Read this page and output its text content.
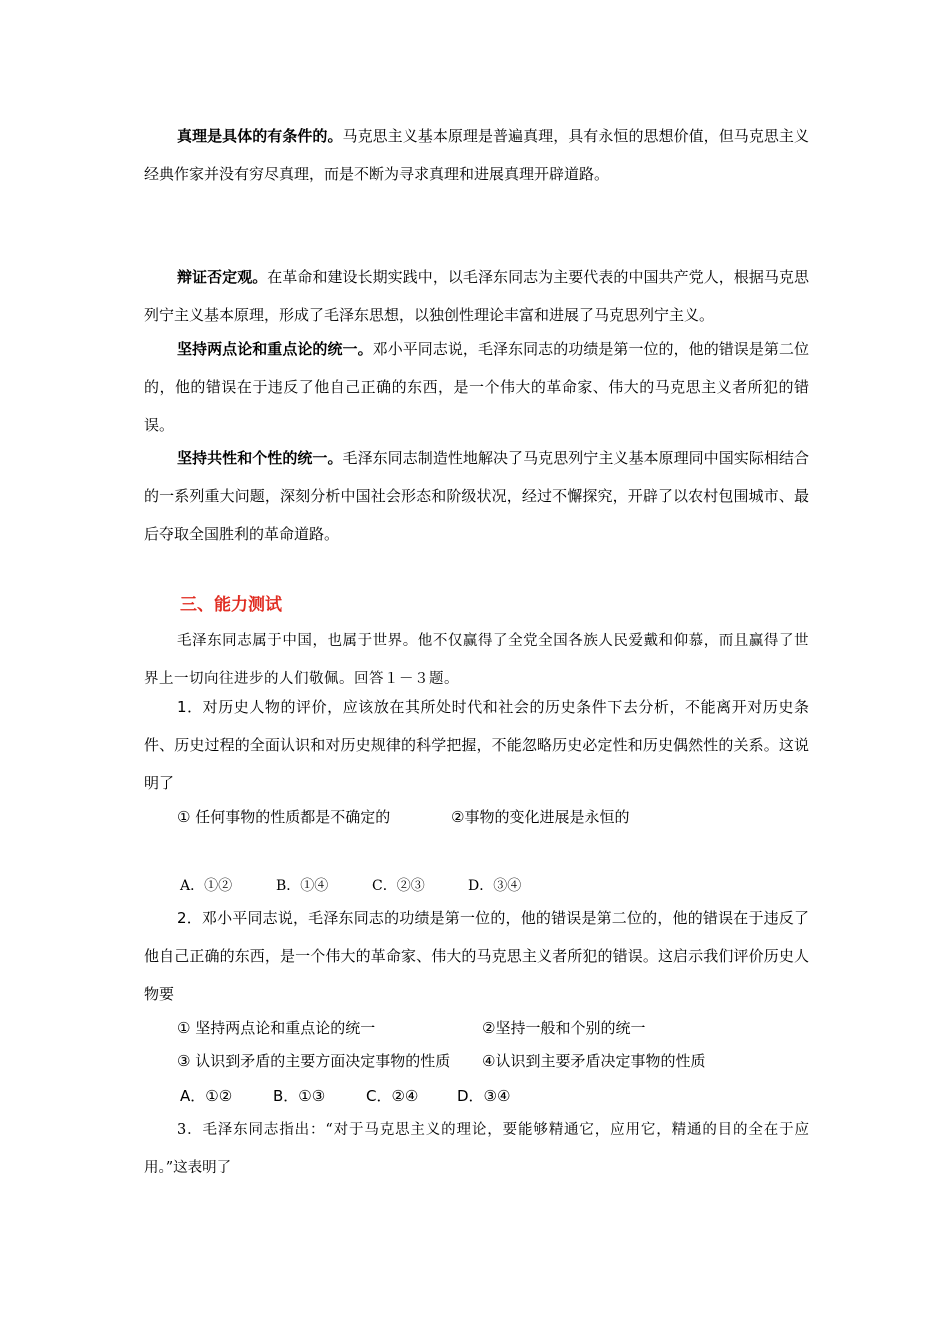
真理是具体的有条件的。马克思主义基本原理是普遍真理，具有永恒的思想价值，但马克思主义经典作家并没有穷尽真理，而是不断为寻求真理和进展真理开辟道路。

辩证否定观。在革命和建设长期实践中，以毛泽东同志为主要代表的中国共产党人，根据马克思列宁主义基本原理，形成了毛泽东思想，以独创性理论丰富和进展了马克思列宁主义。

坚持两点论和重点论的统一。邓小平同志说，毛泽东同志的功绩是第一位的，他的错误是第二位的，他的错误在于违反了他自己正确的东西，是一个伟大的革命家、伟大的马克思主义者所犯的错误。

坚持共性和个性的统一。毛泽东同志制造性地解决了马克思列宁主义基本原理同中国实际相结合的一系列重大问题，深刻分析中国社会形态和阶级状况，经过不懈探究，开辟了以农村包围城市、最后夺取全国胜利的革命道路。

三、能力测试

毛泽东同志属于中国，也属于世界。他不仅赢得了全党全国各族人民爱戴和仰慕，而且赢得了世界上一切向往进步的人们敬佩。回答１－３题。

1．对历史人物的评价，应该放在其所处时代和社会的历史条件下去分析，不能离开对历史条件、历史过程的全面认识和对历史规律的科学把握，不能忽略历史必定性和历史偶然性的关系。这说明了

① 任何事物的性质都是不确定的	②事物的变化进展是永恒的
A．①②	B．①④	C．②③	D．③④

2．邓小平同志说，毛泽东同志的功绩是第一位的，他的错误是第二位的，他的错误在于违反了他自己正确的东西，是一个伟大的革命家、伟大的马克思主义者所犯的错误。这启示我们评价历史人物要

① 坚持两点论和重点论的统一	②坚持一般和个别的统一
③ 认识到矛盾的主要方面决定事物的性质 ④认识到主要矛盾决定事物的性质
A．①②	B．①③	C．②④	D．③④

3．毛泽东同志指出：“对于马克思主义的理论，要能够精通它，应用它，精通的目的全在于应用。”这表明了
